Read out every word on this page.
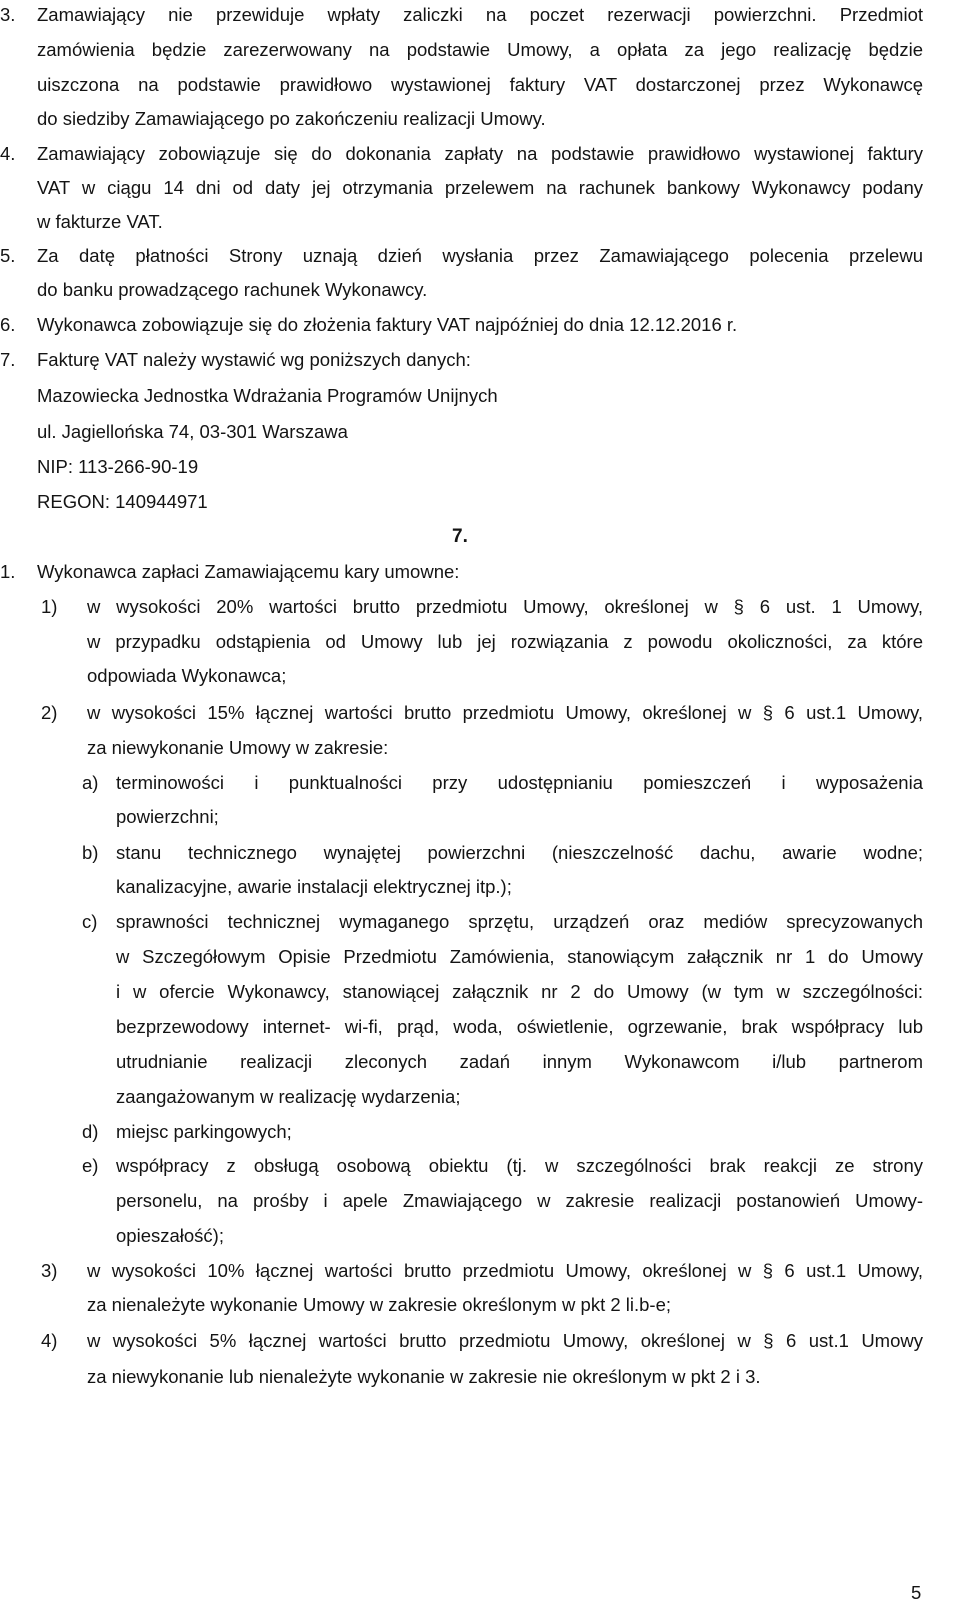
3.	Zamawiający nie przewiduje wpłaty zaliczki na poczet rezerwacji powierzchni. Przedmiot
zamówienia będzie zarezerwowany na podstawie Umowy, a opłata za jego realizację będzie
uiszczona na podstawie prawidłowo wystawionej faktury VAT dostarczonej przez Wykonawcę
do siedziby Zamawiającego po zakończeniu realizacji Umowy.
4.	Zamawiający zobowiązuje się do dokonania zapłaty na podstawie prawidłowo wystawionej faktury
VAT w ciągu 14 dni od daty jej otrzymania przelewem na rachunek bankowy Wykonawcy podany
w fakturze VAT.
5.	Za datę płatności Strony uznają dzień wysłania przez Zamawiającego polecenia przelewu
do banku prowadzącego rachunek Wykonawcy.
6.	Wykonawca zobowiązuje się do złożenia faktury VAT najpóźniej do dnia 12.12.2016 r.
7.	Fakturę VAT należy wystawić wg poniższych danych:
Mazowiecka Jednostka Wdrażania Programów Unijnych
ul. Jagiellońska 74, 03-301 Warszawa
NIP: 113-266-90-19
REGON: 140944971
7.
1.	Wykonawca zapłaci Zamawiającemu kary umowne:
1) w wysokości 20% wartości brutto przedmiotu Umowy, określonej w § 6 ust. 1 Umowy,
w przypadku odstąpienia od Umowy lub jej rozwiązania z powodu okoliczności, za które
odpowiada Wykonawca;
2) w wysokości 15% łącznej wartości brutto przedmiotu Umowy, określonej w § 6 ust.1 Umowy,
za niewykonanie Umowy w zakresie:
a) terminowości i punktualności przy udostępnianiu pomieszczeń i wyposażenia
powierzchni;
b) stanu technicznego wynajętej powierzchni (nieszczelność dachu, awarie wodne;
kanalizacyjne, awarie instalacji elektrycznej itp.);
c) sprawności technicznej wymaganego sprzętu, urządzeń oraz mediów sprecyzowanych
w Szczegółowym Opisie Przedmiotu Zamówienia, stanowiącym załącznik nr 1 do Umowy
i w ofercie Wykonawcy, stanowiącej załącznik nr 2 do Umowy (w tym w szczególności:
bezprzewodowy internet- wi-fi, prąd, woda, oświetlenie, ogrzewanie, brak współpracy lub
utrudnianie realizacji zleconych zadań innym Wykonawcom i/lub partnerom
zaangażowanym w realizację wydarzenia;
d) miejsc parkingowych;
e) współpracy z obsługą osobową obiektu (tj. w szczególności brak reakcji ze strony
personelu, na prośby i apele Zmawiającego w zakresie realizacji postanowień Umowy-
opieszałość);
3) w wysokości 10% łącznej wartości brutto przedmiotu Umowy, określonej w § 6 ust.1 Umowy,
za nienależyte wykonanie Umowy w zakresie określonym w pkt 2 li.b-e;
4) w wysokości 5% łącznej wartości brutto przedmiotu Umowy, określonej w § 6 ust.1 Umowy
za niewykonanie lub nienależyte wykonanie w zakresie nie określonym w pkt 2 i 3.
5
